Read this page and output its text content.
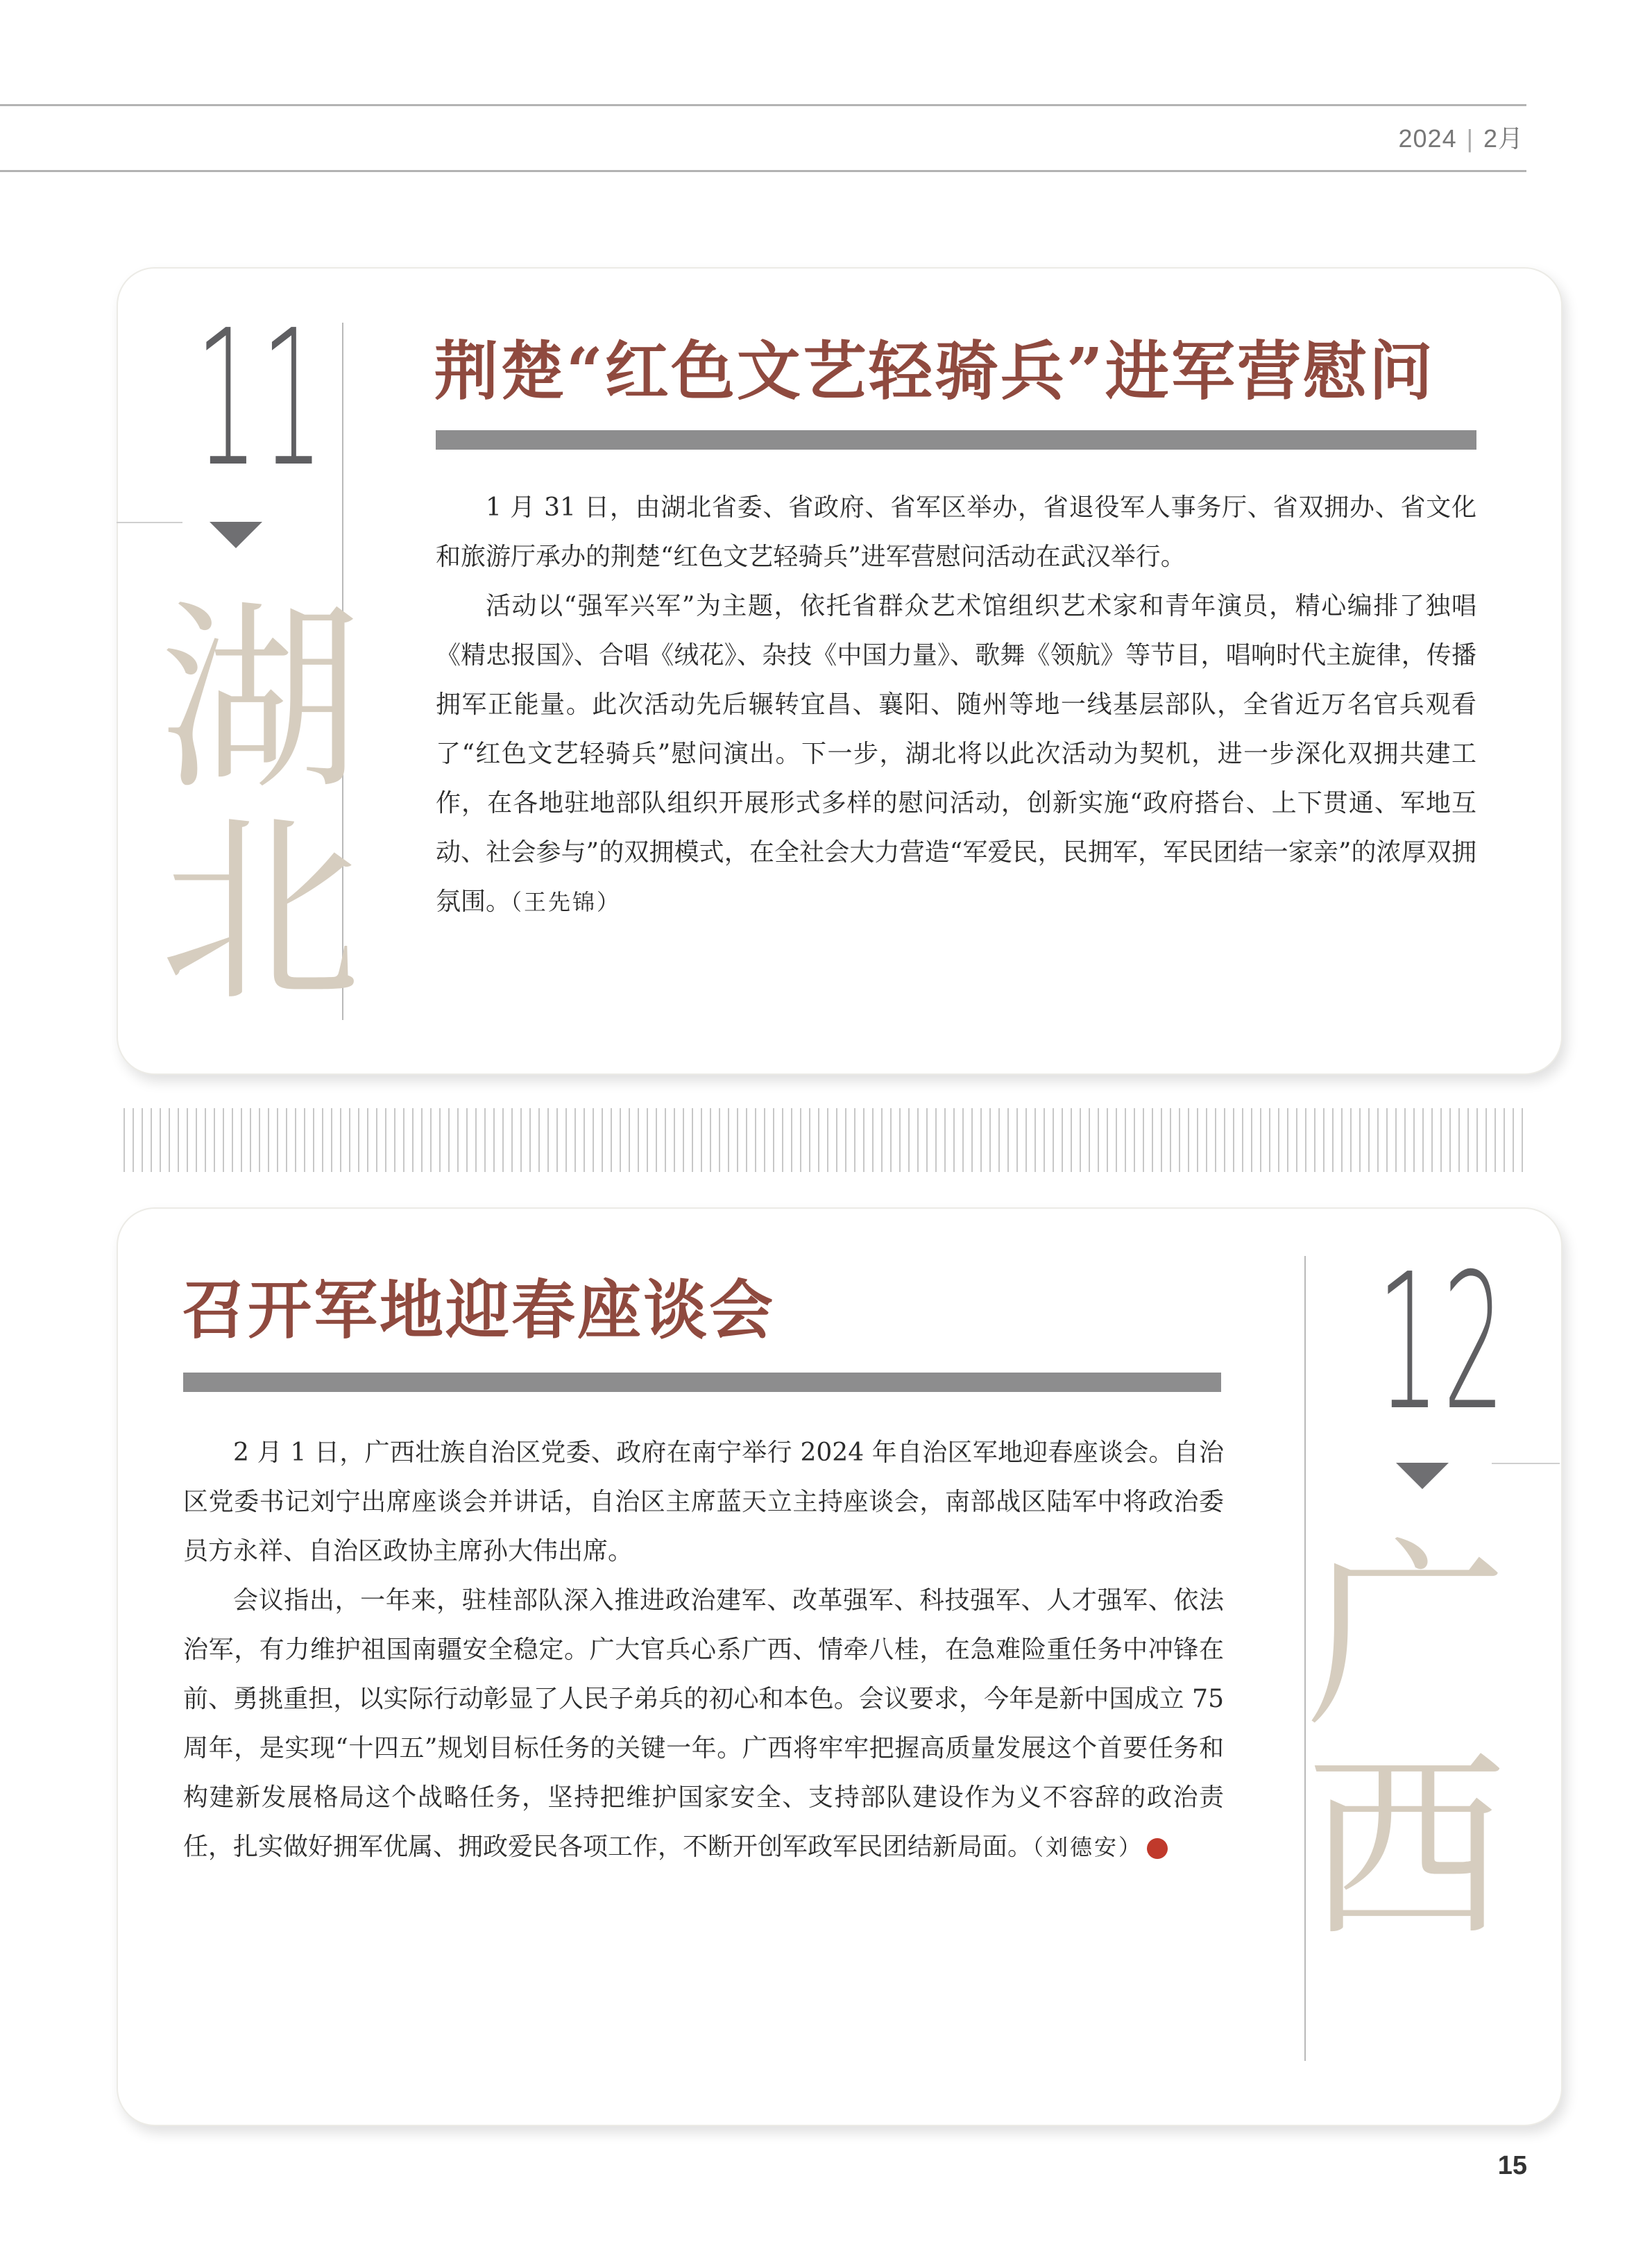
2024 | 2月
11
湖
北
荆楚“红色文艺轻骑兵”进军营慰问

1 月 31 日，由湖北省委、省政府、省军区举办，省退役军人事务厅、省双拥办、省文化和旅游厅承办的荆楚“红色文艺轻骑兵”进军营慰问活动在武汉举行。

活动以“强军兴军”为主题，依托省群众艺术馆组织艺术家和青年演员，精心编排了独唱《精忠报国》、合唱《绒花》、杂技《中国力量》、歌舞《领航》等节目，唱响时代主旋律，传播拥军正能量。此次活动先后辗转宜昌、襄阳、随州等地一线基层部队，全省近万名官兵观看了“红色文艺轻骑兵”慰问演出。下一步，湖北将以此次活动为契机，进一步深化双拥共建工作，在各地驻地部队组织开展形式多样的慰问活动，创新实施“政府搭台、上下贯通、军地互动、社会参与”的双拥模式，在全社会大力营造“军爱民，民拥军，军民团结一家亲”的浓厚双拥氛围。（王先锦）

召开军地迎春座谈会

2 月 1 日，广西壮族自治区党委、政府在南宁举行 2024 年自治区军地迎春座谈会。自治区党委书记刘宁出席座谈会并讲话，自治区主席蓝天立主持座谈会，南部战区陆军中将政治委员方永祥、自治区政协主席孙大伟出席。

会议指出，一年来，驻桂部队深入推进政治建军、改革强军、科技强军、人才强军、依法治军，有力维护祖国南疆安全稳定。广大官兵心系广西、情牵八桂，在急难险重任务中冲锋在前、勇挑重担，以实际行动彰显了人民子弟兵的初心和本色。会议要求，今年是新中国成立 75 周年，是实现“十四五”规划目标任务的关键一年。广西将牢牢把握高质量发展这个首要任务和构建新发展格局这个战略任务，坚持把维护国家安全、支持部队建设作为义不容辞的政治责任，扎实做好拥军优属、拥政爱民各项工作，不断开创军政军民团结新局面。（刘德安）	N

12
广
西
15
